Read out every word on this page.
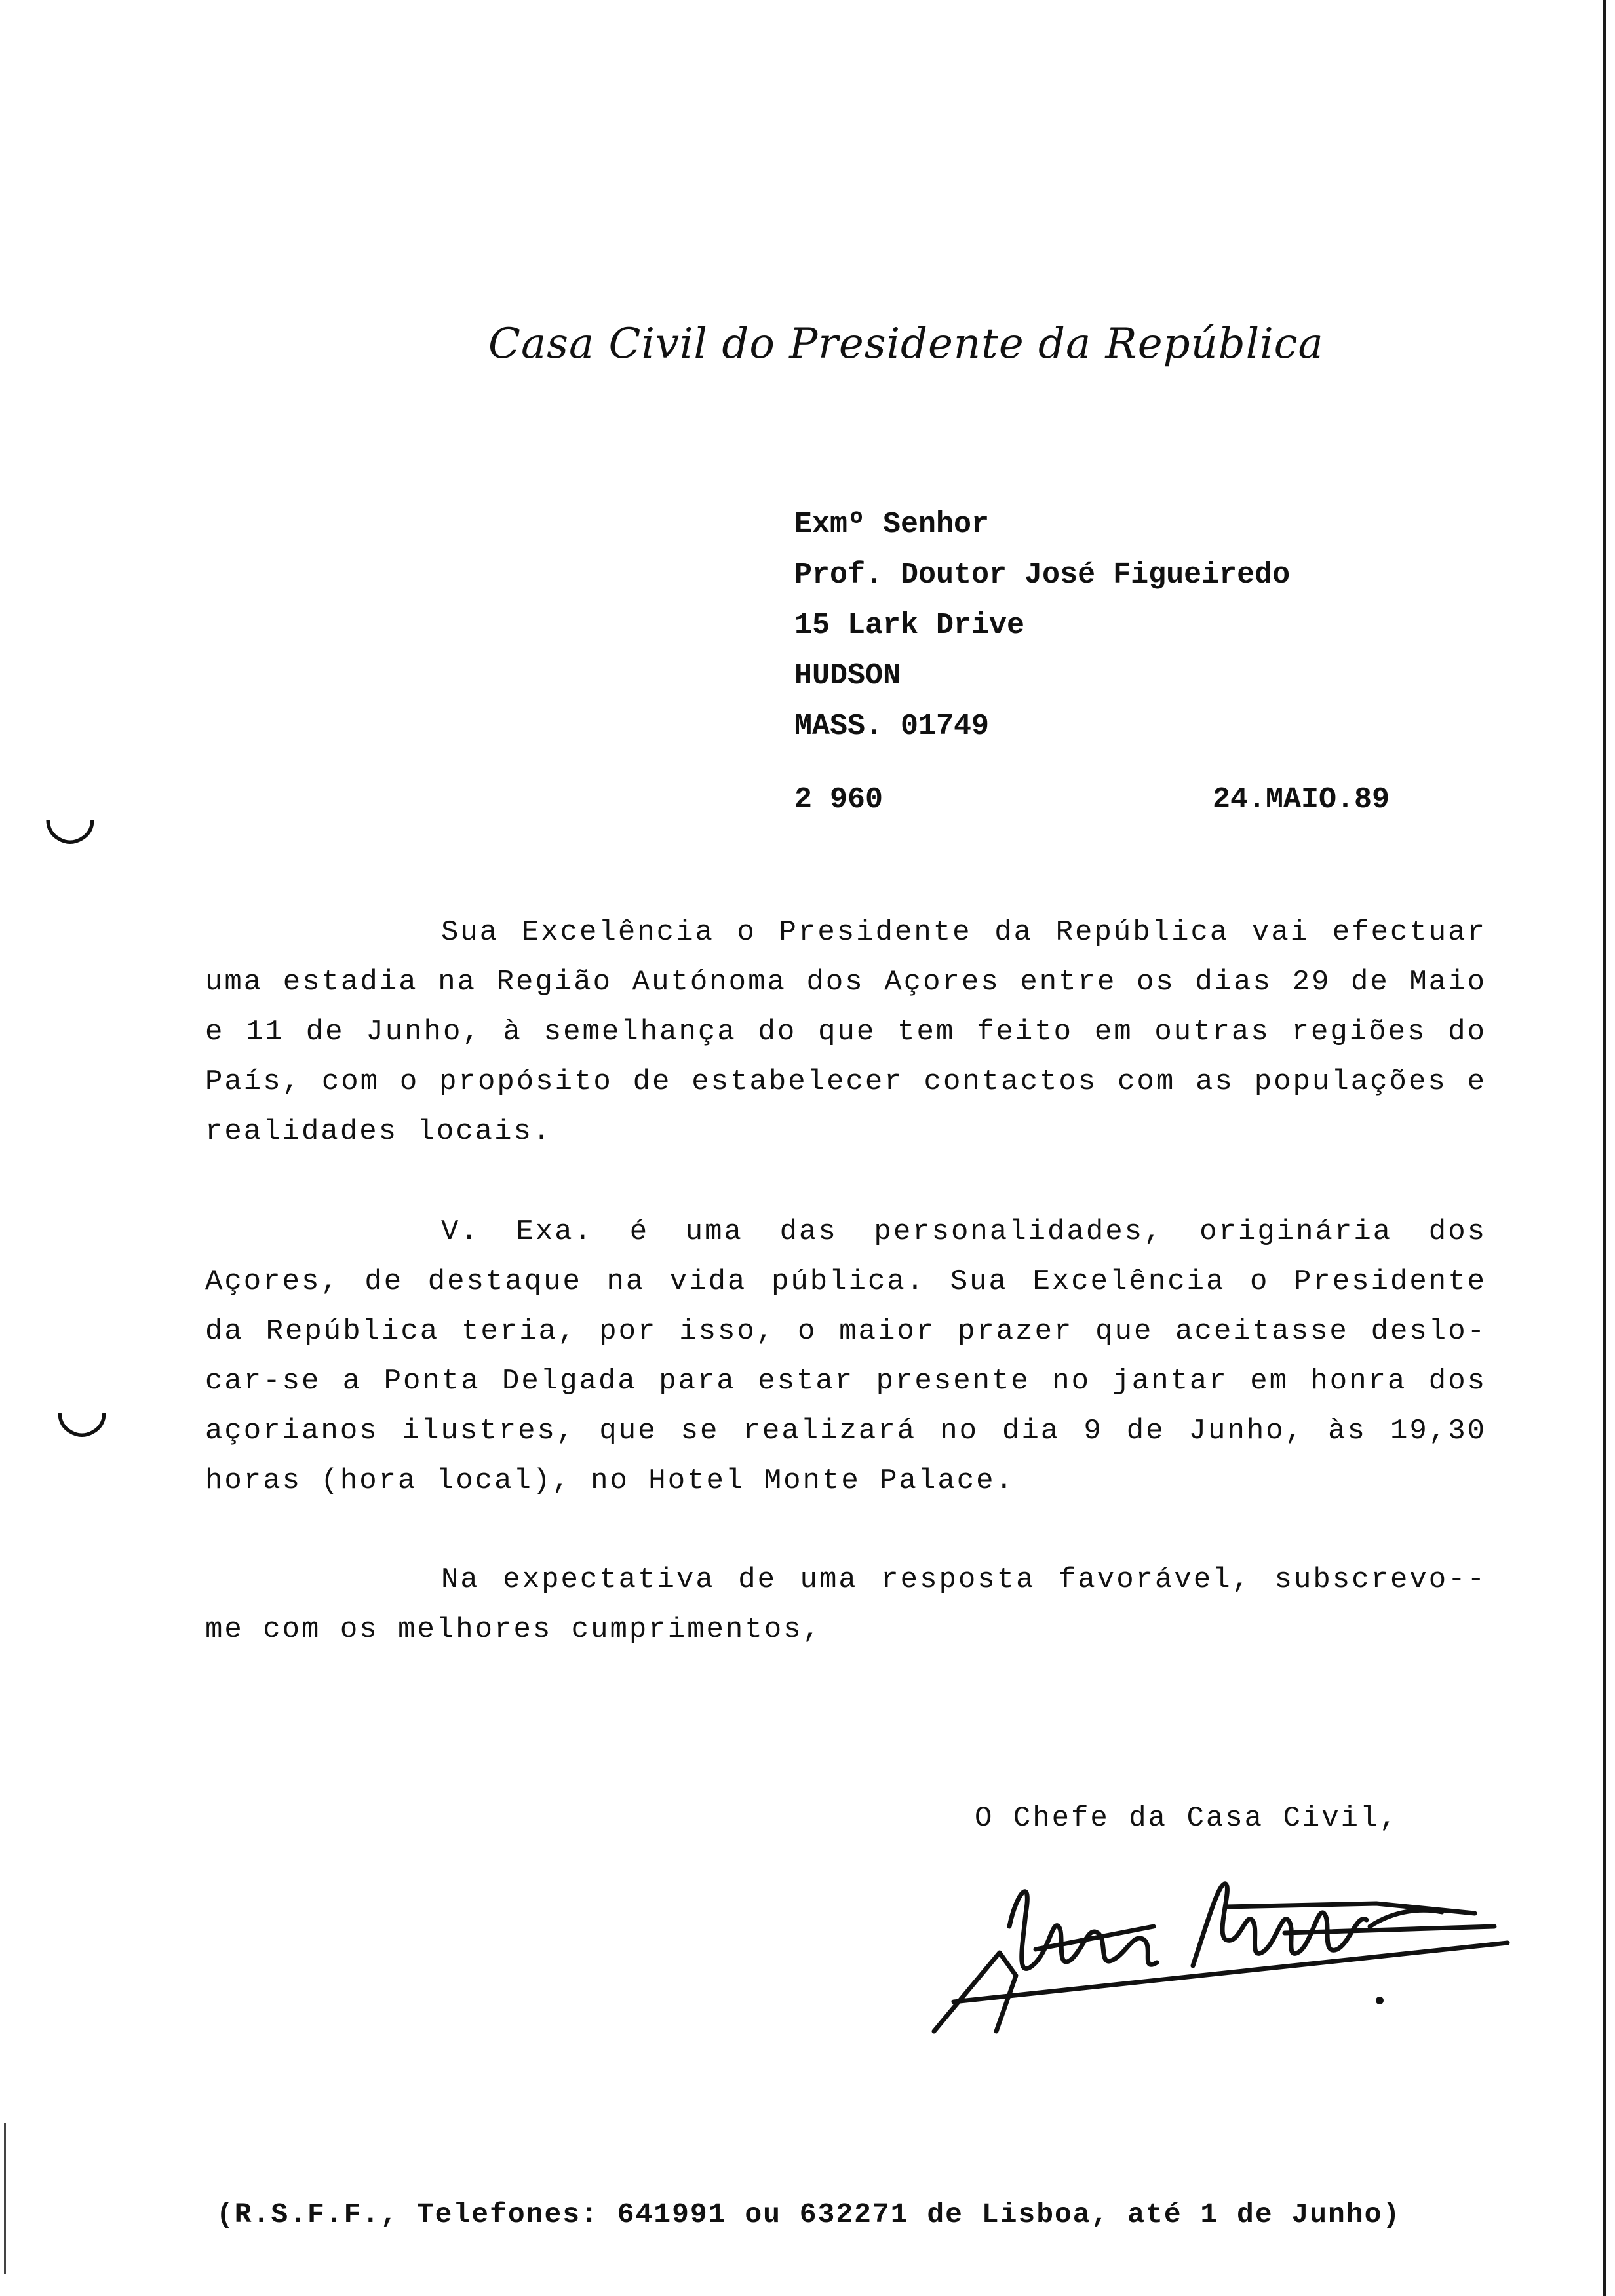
◡
◡
Casa Civil do Presidente da República
Exmº Senhor
Prof. Doutor José Figueiredo
15 Lark Drive
HUDSON
MASS. 01749
2 960	24.MAIO.89

Sua Excelência o Presidente da República vai efectuar uma estadia na Região Autónoma dos Açores entre os dias 29 de Maio e 11 de Junho, à semelhança do que tem feito em outras regiões do País, com o propósito de estabelecer contactos com as populações e realidades locais.

V. Exa. é uma das personalidades, originária dos Açores, de destaque na vida pública. Sua Excelência o Presidente da República teria, por isso, o maior prazer que aceitasse deslo-car-se a Ponta Delgada para estar presente no jantar em honra dos açorianos ilustres, que se realizará no dia 9 de Junho, às 19,30 horas (hora local), no Hotel Monte Palace.

Na expectativa de uma resposta favorável, subscrevo--me com os melhores cumprimentos,

O Chefe da Casa Civil,
(R.S.F.F., Telefones: 641991 ou 632271 de Lisboa, até 1 de Junho)
